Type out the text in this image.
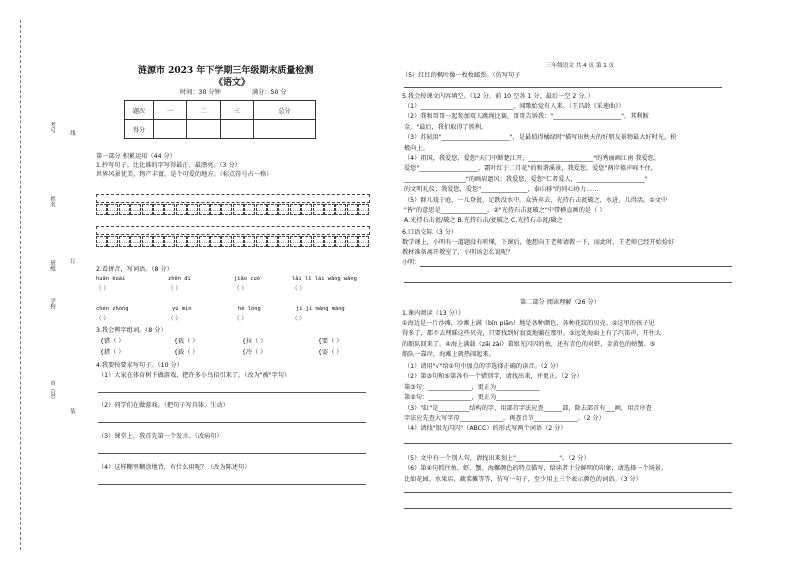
考号
姓名
班级
学校
市（县）
线
订
装
涟源市 2023 年下学期三年级期末质量检测
《语文》
时间：30 分钟	满分：50 分
题次	一	二	三	总分
得分				
第一部分 积累运用（44 分）
1.抄写句子。比比谁的字写得最正、最漂亮。（3 分）
世界风景优美，物产丰富，是个可爱的地方。（标点符号占一格）
2.看拼音，写词语。（8 分）
huān kuài	zhēn dì	jiǎo cuò	lǎi lǐ lái wǎng wǎng
（ ）	（ ）	（ ）	（ ）
chén zhòng	yú mín	hé lǒng	jí jí máng máng
（ ）	（ ）	（ ）	（ ）
3.我会辨字组词。（8 分）
{错（ ）	{栽（ ）	{拉（ ）	{要（ ）
{猎（ ）	{载（ ）	{冷（ ）	{姿（ ）
4.我要按要求写句子。（10 分）
（1）大家在体育树下做游戏，把许多小鸟招引来了。（改为"被"字句）
（2）同学们在做游戏。（把句子写具体、生动）
（3）课堂上，我首先第一个发言。（改病句）
（4）这样糊里糊涂地背，有什么用呢？（改为陈述句）
三年级语文 共 4 页 第 1 页
（5）红红的枫叶像一枚枚邮票。（仿写句子
5.我会按课文内容填空。（12 分，前 10 空各 1 分，最后一空 2 分。）
（1）______________________________，闻歌始觉有人来。（王昌龄《采莲曲》）
（2）我和哥哥一起参加双人跳绳比赛，哥哥告诉我："______________________"，其利断
金。"最后，我们取得了胜利。
（3）苏轼用"______________________"，是最值得橘绿时"描写出秋天的好朋友景物最大好时光，积
极向上。
（4）祖国，我爱您，爱您"天门中断楚江开，_____________________"的秀丽画江南 我爱您，
爱您"___________________，霜叶红于二月花"的和谐溪景，我爱您，爱您"两岸猿声啼不住，
____________________"的画眉遗风；我爱您，爱您"仁者爱人，______________________"
的文明礼仪；我爱您，爱您"_______________，泰山移"的同心协力……
（5）群儿戏于庭，一儿登瓮，足跌没水中。众皆弃去，光持石击瓮破之，水迸，儿得活。①文中
"皆"的意思是_______________。②"光持石击瓮破之"中带横直画的是（ ）
A.光持石击瓮/破之 B.光持石击/瓮破之 C.光持石击瓮/破之
6.口语交际（3 分）
数学课上，小明有一道题没有听懂，下课后，他想向王老师请教一下，而此时，王老师已经开始捡好
教材准备离开教室了，小明该怎么说呢？
小明：
第二部分 阅读理解（26 分）
1.课内阅读（13 分）》
①海边是一片沙滩，沙滩上满（bīn piān）地是各种颜色、各种花纹的贝壳。②这里的孩子见
得多了，都不去理睬这些贝壳，只要找到好寂寞地躺在那里。③远处海面上有了汽笛声，开往大
的船队回来了。④海上满载（zǎi zài）着银光闪闪的鱼，还有青色的对虾，金黄色的螃蟹。⑤
船队一靠岸，海滩上就热闹起来。
（1）请用"√"给①句中加点的字选择正确的读音。（2 分）
（2）第③句和⑤第各有一个错别字，请找出来，并更正。（2 分）
第③句：______________，更正为______________
第⑤句：______________，更正为______________
（3）"缸"是__________结构的字，用部首字法应查______部，除去部首有___画，用音序查
字法应先查大写字母______________，再查音节______________。（2 分）
（4）请找"银光闪闪"（ABCC）的形式写两个词语（2 分）
（5）文中有一个别人句，请找出来划上"______________"。（2 分）
（6）第④句抓住鱼、虾、蟹、海螺颜色的特点描写，给读者十分鲜明的印象，请选择一个场景，
比如花园、水果店、蔬菜摊等等，仿写一句子，至少用上三个表示颜色的词语。（3 分）
